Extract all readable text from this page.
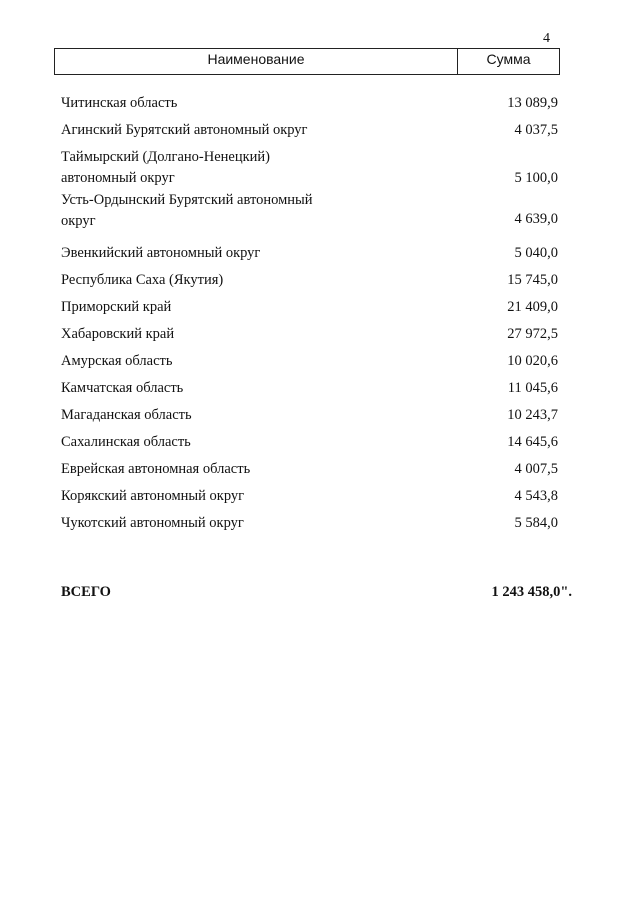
4
Наименование	Сумма
Читинская область	13 089,9
Агинский Бурятский автономный округ	4 037,5
Таймырский (Долгано-Ненецкий) автономный округ	5 100,0
Усть-Ордынский Бурятский автономный округ	4 639,0
Эвенкийский автономный округ	5 040,0
Республика Саха (Якутия)	15 745,0
Приморский край	21 409,0
Хабаровский край	27 972,5
Амурская область	10 020,6
Камчатская область	11 045,6
Магаданская область	10 243,7
Сахалинская область	14 645,6
Еврейская автономная область	4 007,5
Корякский автономный округ	4 543,8
Чукотский автономный округ	5 584,0
ВСЕГО	1 243 458,0".
